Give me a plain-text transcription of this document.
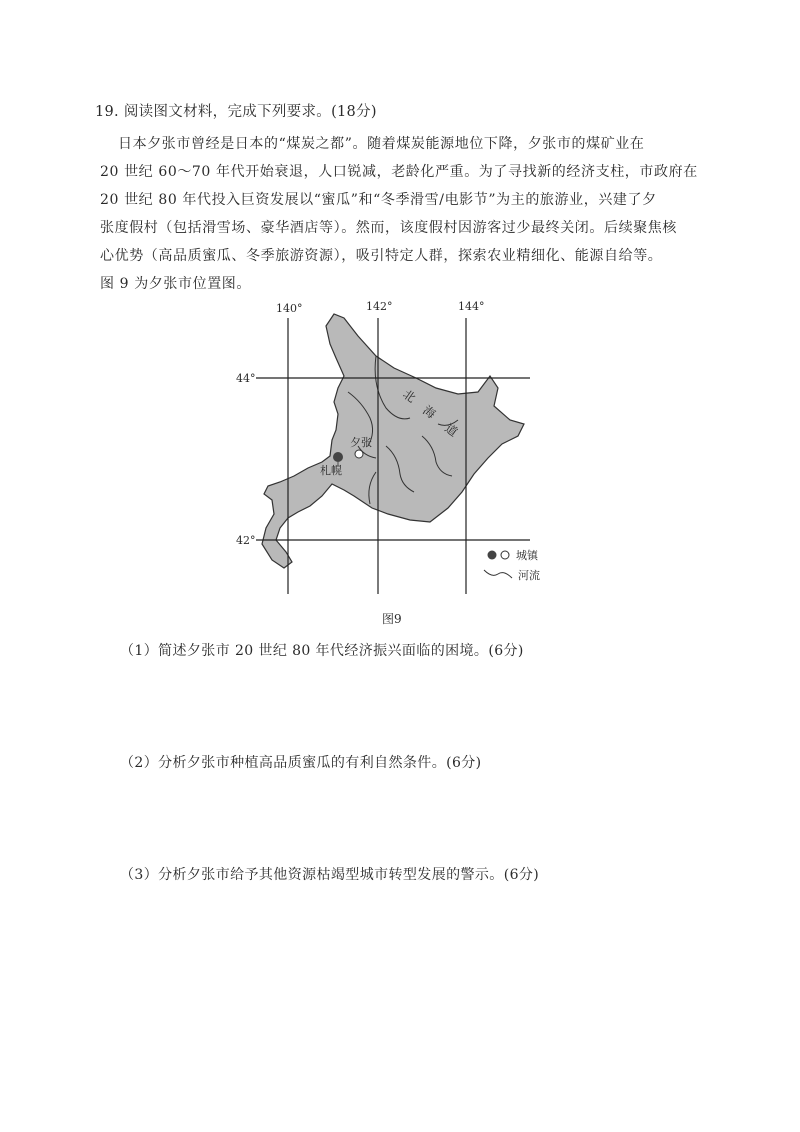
19. 阅读图文材料，完成下列要求。(18分)
日本夕张市曾经是日本的“煤炭之都”。随着煤炭能源地位下降，夕张市的煤矿业在
20 世纪 60～70 年代开始衰退，人口锐减，老龄化严重。为了寻找新的经济支柱，市政府在
20 世纪 80 年代投入巨资发展以“蜜瓜”和“冬季滑雪/电影节”为主的旅游业，兴建了夕
张度假村（包括滑雪场、豪华酒店等）。然而，该度假村因游客过少最终关闭。后续聚焦核
心优势（高品质蜜瓜、冬季旅游资源），吸引特定人群，探索农业精细化、能源自给等。
图 9 为夕张市位置图。
140°	142°	144°
44°
42°
北
海
道
夕张
札幌
城镇
河流
图9
（1）简述夕张市 20 世纪 80 年代经济振兴面临的困境。(6分)
（2）分析夕张市种植高品质蜜瓜的有利自然条件。(6分)
（3）分析夕张市给予其他资源枯竭型城市转型发展的警示。(6分)
